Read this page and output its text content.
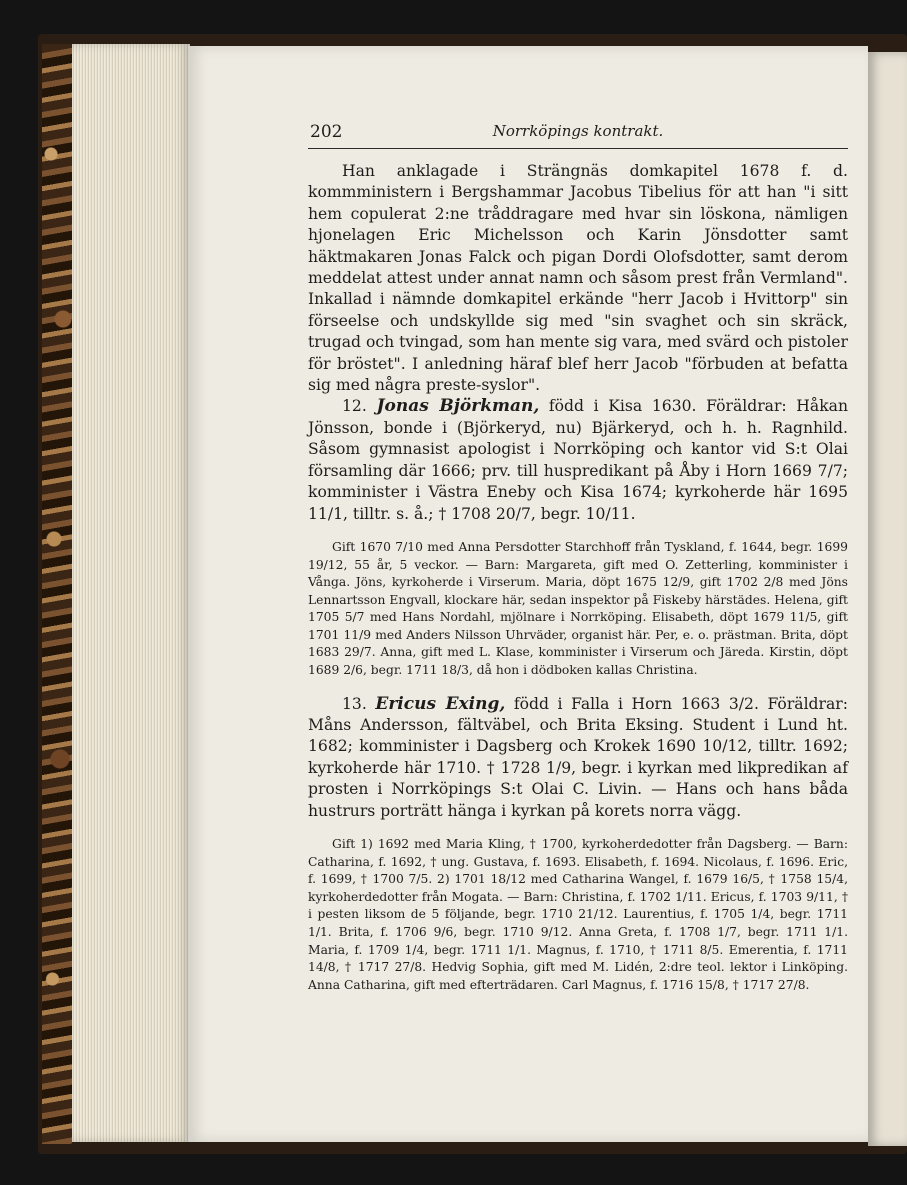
202	Norrköpings kontrakt.

Han anklagade i Strängnäs domkapitel 1678 f. d. kommministern i Bergshammar Jacobus Tibelius för att han "i sitt hem copulerat 2:ne tråddragare med hvar sin löskona, nämligen hjonelagen Eric Michelsson och Karin Jönsdotter samt häktmakaren Jonas Falck och pigan Dordi Olofsdotter, samt derom meddelat attest under annat namn och såsom prest från Vermland". Inkallad i nämnde domkapitel erkände "herr Jacob i Hvittorp" sin förseelse och undskyllde sig med "sin svaghet och sin skräck, trugad och tvingad, som han mente sig vara, med svärd och pistoler för bröstet". I anledning häraf blef herr Jacob "förbuden at befatta sig med några preste-syslor".

12. Jonas Björkman, född i Kisa 1630. Föräldrar: Håkan Jönsson, bonde i (Björkeryd, nu) Bjärkeryd, och h. h. Ragnhild. Såsom gymnasist apologist i Norrköping och kantor vid S:t Olai församling där 1666; prv. till huspredikant på Åby i Horn 1669 7/7; komminister i Västra Eneby och Kisa 1674; kyrkoherde här 1695 11/1, tilltr. s. å.; † 1708 20/7, begr. 10/11.

Gift 1670 7/10 med Anna Persdotter Starchhoff från Tyskland, f. 1644, begr. 1699 19/12, 55 år, 5 veckor. — Barn: Margareta, gift med O. Zetterling, komminister i Vånga. Jöns, kyrkoherde i Virserum. Maria, döpt 1675 12/9, gift 1702 2/8 med Jöns Lennartsson Engvall, klockare här, sedan inspektor på Fiskeby härstädes. Helena, gift 1705 5/7 med Hans Nordahl, mjölnare i Norrköping. Elisabeth, döpt 1679 11/5, gift 1701 11/9 med Anders Nilsson Uhrväder, organist här. Per, e. o. prästman. Brita, döpt 1683 29/7. Anna, gift med L. Klase, komminister i Virserum och Järeda. Kirstin, döpt 1689 2/6, begr. 1711 18/3, då hon i dödboken kallas Christina.

13. Ericus Exing, född i Falla i Horn 1663 3/2. Föräldrar: Måns Andersson, fältväbel, och Brita Eksing. Student i Lund ht. 1682; komminister i Dagsberg och Krokek 1690 10/12, tilltr. 1692; kyrkoherde här 1710. † 1728 1/9, begr. i kyrkan med likpredikan af prosten i Norrköpings S:t Olai C. Livin. — Hans och hans båda hustrurs porträtt hänga i kyrkan på korets norra vägg.

Gift 1) 1692 med Maria Kling, † 1700, kyrkoherdedotter från Dagsberg. — Barn: Catharina, f. 1692, † ung. Gustava, f. 1693. Elisabeth, f. 1694. Nicolaus, f. 1696. Eric, f. 1699, † 1700 7/5. 2) 1701 18/12 med Catharina Wangel, f. 1679 16/5, † 1758 15/4, kyrkoherdedotter från Mogata. — Barn: Christina, f. 1702 1/11. Ericus, f. 1703 9/11, † i pesten liksom de 5 följande, begr. 1710 21/12. Laurentius, f. 1705 1/4, begr. 1711 1/1. Brita, f. 1706 9/6, begr. 1710 9/12. Anna Greta, f. 1708 1/7, begr. 1711 1/1. Maria, f. 1709 1/4, begr. 1711 1/1. Magnus, f. 1710, † 1711 8/5. Emerentia, f. 1711 14/8, † 1717 27/8. Hedvig Sophia, gift med M. Lidén, 2:dre teol. lektor i Linköping. Anna Catharina, gift med efterträdaren. Carl Magnus, f. 1716 15/8, † 1717 27/8.
